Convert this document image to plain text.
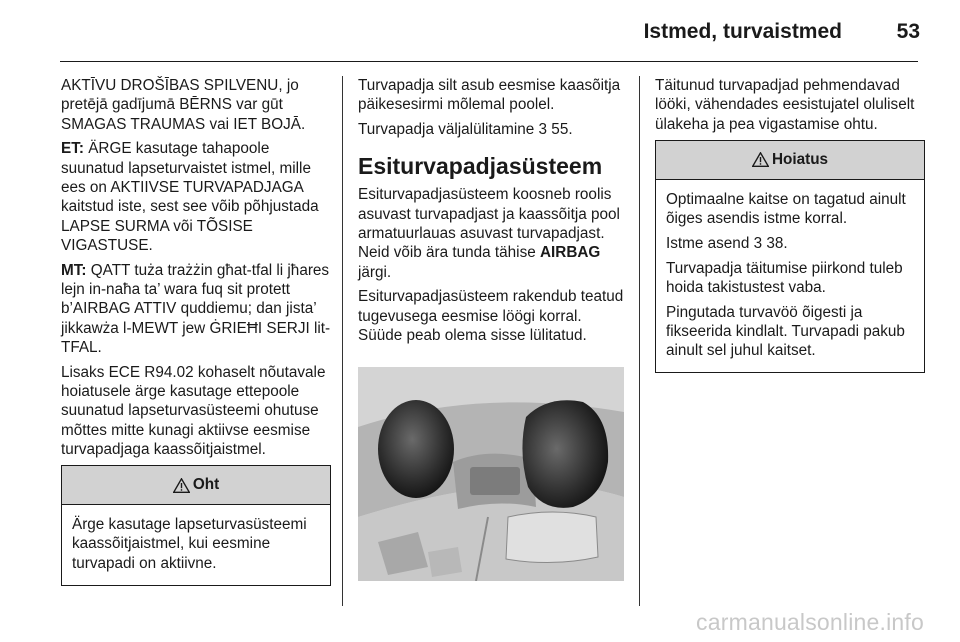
Istmed, turvaistmed	53

AKTĪVU DROŠĪBAS SPILVENU, jo pretējā gadījumā BĒRNS var gūt SMAGAS TRAUMAS vai IET BOJĀ.

ET: ÄRGE kasutage tahapoole suunatud lapseturvaistet istmel, mille ees on AKTIIVSE TURVAPADJAGA kaitstud iste, sest see võib põhjustada LAPSE SURMA või TÕSISE VIGASTUSE.

MT: QATT tuża trażżin għat-tfal li jħares lejn in-naħa ta’ wara fuq sit protett b’AIRBAG ATTIV quddiemu; dan jista’ jikkawża l-MEWT jew ĠRIEĦI SERJI lit-TFAL.

Lisaks ECE R94.02 kohaselt nõutavale hoiatusele ärge kasutage ettepoole suunatud lapseturvasüsteemi ohutuse mõttes mitte kunagi aktiivse eesmise turvapadjaga kaassõitjaistmel.

Oht

Ärge kasutage lapseturvasüsteemi kaassõitjaistmel, kui eesmine turvapadi on aktiivne.

Turvapadja silt asub eesmise kaasõitja päikesesirmi mõlemal poolel.

Turvapadja väljalülitamine 3 55.

Esiturvapadjasüsteem

Esiturvapadjasüsteem koosneb roolis asuvast turvapadjast ja kaassõitja pool armatuurlauas asuvast turvapadjast. Neid võib ära tunda tähise AIRBAG järgi.

Esiturvapadjasüsteem rakendub teatud tugevusega eesmise löögi korral. Süüde peab olema sisse lülitatud.

Täitunud turvapadjad pehmendavad lööki, vähendades eesistujatel oluliselt ülakeha ja pea vigastamise ohtu.

Hoiatus

Optimaalne kaitse on tagatud ainult õiges asendis istme korral.

Istme asend 3 38.

Turvapadja täitumise piirkond tuleb hoida takistustest vaba.

Pingutada turvavöö õigesti ja fikseerida kindlalt. Turvapadi pakub ainult sel juhul kaitset.

carmanualsonline.info
